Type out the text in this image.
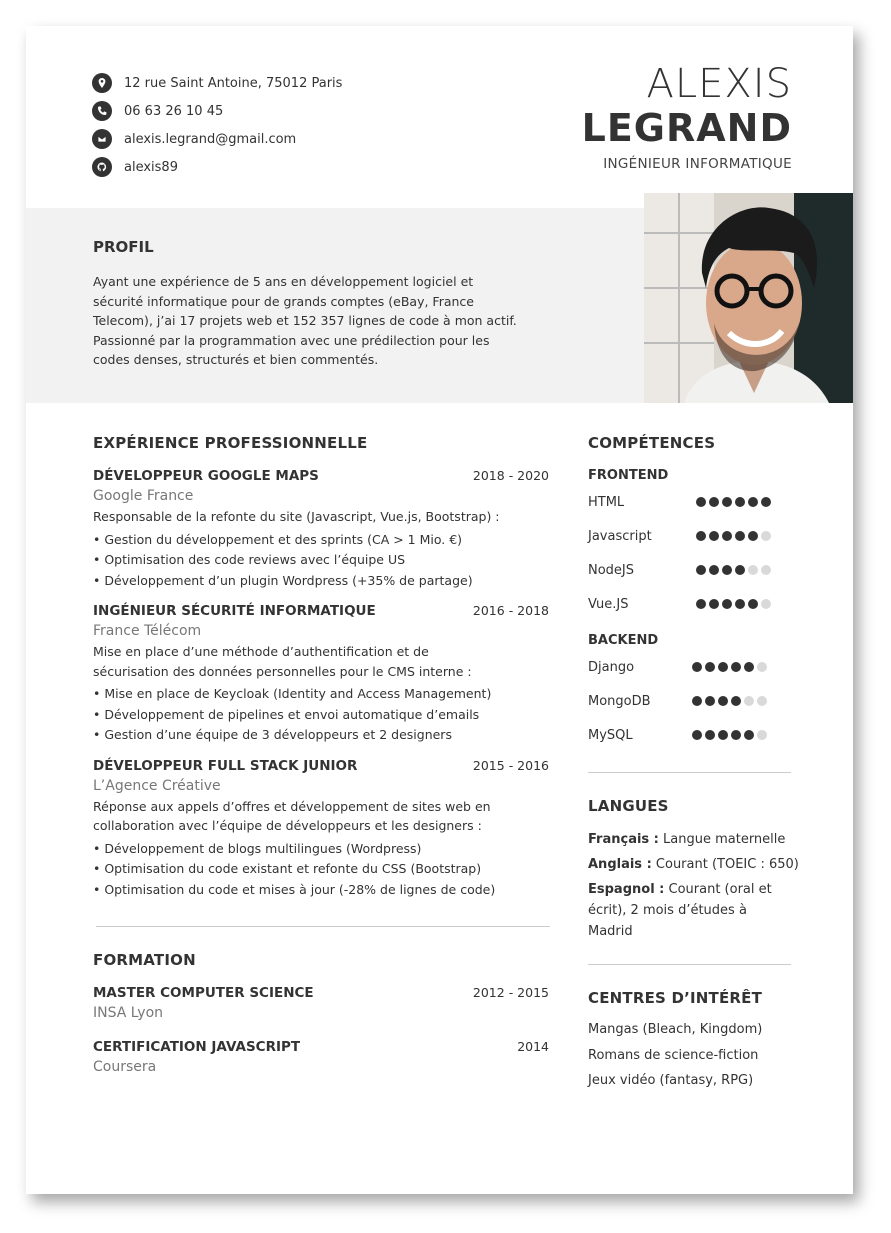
12 rue Saint Antoine, 75012 Paris
06 63 26 10 45
alexis.legrand@gmail.com
alexis89
ALEXIS
LEGRAND
INGÉNIEUR INFORMATIQUE
PROFIL
Ayant une expérience de 5 ans en développement logiciel et
sécurité informatique pour de grands comptes (eBay, France
Telecom), j’ai 17 projets web et 152 357 lignes de code à mon actif.
Passionné par la programmation avec une prédilection pour les
codes denses, structurés et bien commentés.
EXPÉRIENCE PROFESSIONNELLE
DÉVELOPPEUR GOOGLE MAPS	2018 - 2020
Google France
Responsable de la refonte du site (Javascript, Vue.js, Bootstrap) :
• Gestion du développement et des sprints (CA > 1 Mio. €)
• Optimisation des code reviews avec l’équipe US
• Développement d’un plugin Wordpress (+35% de partage)
INGÉNIEUR SÉCURITÉ INFORMATIQUE	2016 - 2018
France Télécom
Mise en place d’une méthode d’authentification et de
sécurisation des données personnelles pour le CMS interne :
• Mise en place de Keycloak (Identity and Access Management)
• Développement de pipelines et envoi automatique d’emails
• Gestion d’une équipe de 3 développeurs et 2 designers
DÉVELOPPEUR FULL STACK JUNIOR	2015 - 2016
L’Agence Créative
Réponse aux appels d’offres et développement de sites web en
collaboration avec l’équipe de développeurs et les designers :
• Développement de blogs multilingues (Wordpress)
• Optimisation du code existant et refonte du CSS (Bootstrap)
• Optimisation du code et mises à jour (-28% de lignes de code)
FORMATION
MASTER COMPUTER SCIENCE	2012 - 2015
INSA Lyon
CERTIFICATION JAVASCRIPT	2014
Coursera
COMPÉTENCES
FRONTEND
HTML
Javascript
NodeJS
Vue.JS
BACKEND
Django
MongoDB
MySQL
LANGUES
Français : Langue maternelle
Anglais : Courant (TOEIC : 650)
Espagnol : Courant (oral et
écrit), 2 mois d’études à
Madrid
CENTRES D’INTÉRÊT
Mangas (Bleach, Kingdom)
Romans de science-fiction
Jeux vidéo (fantasy, RPG)
